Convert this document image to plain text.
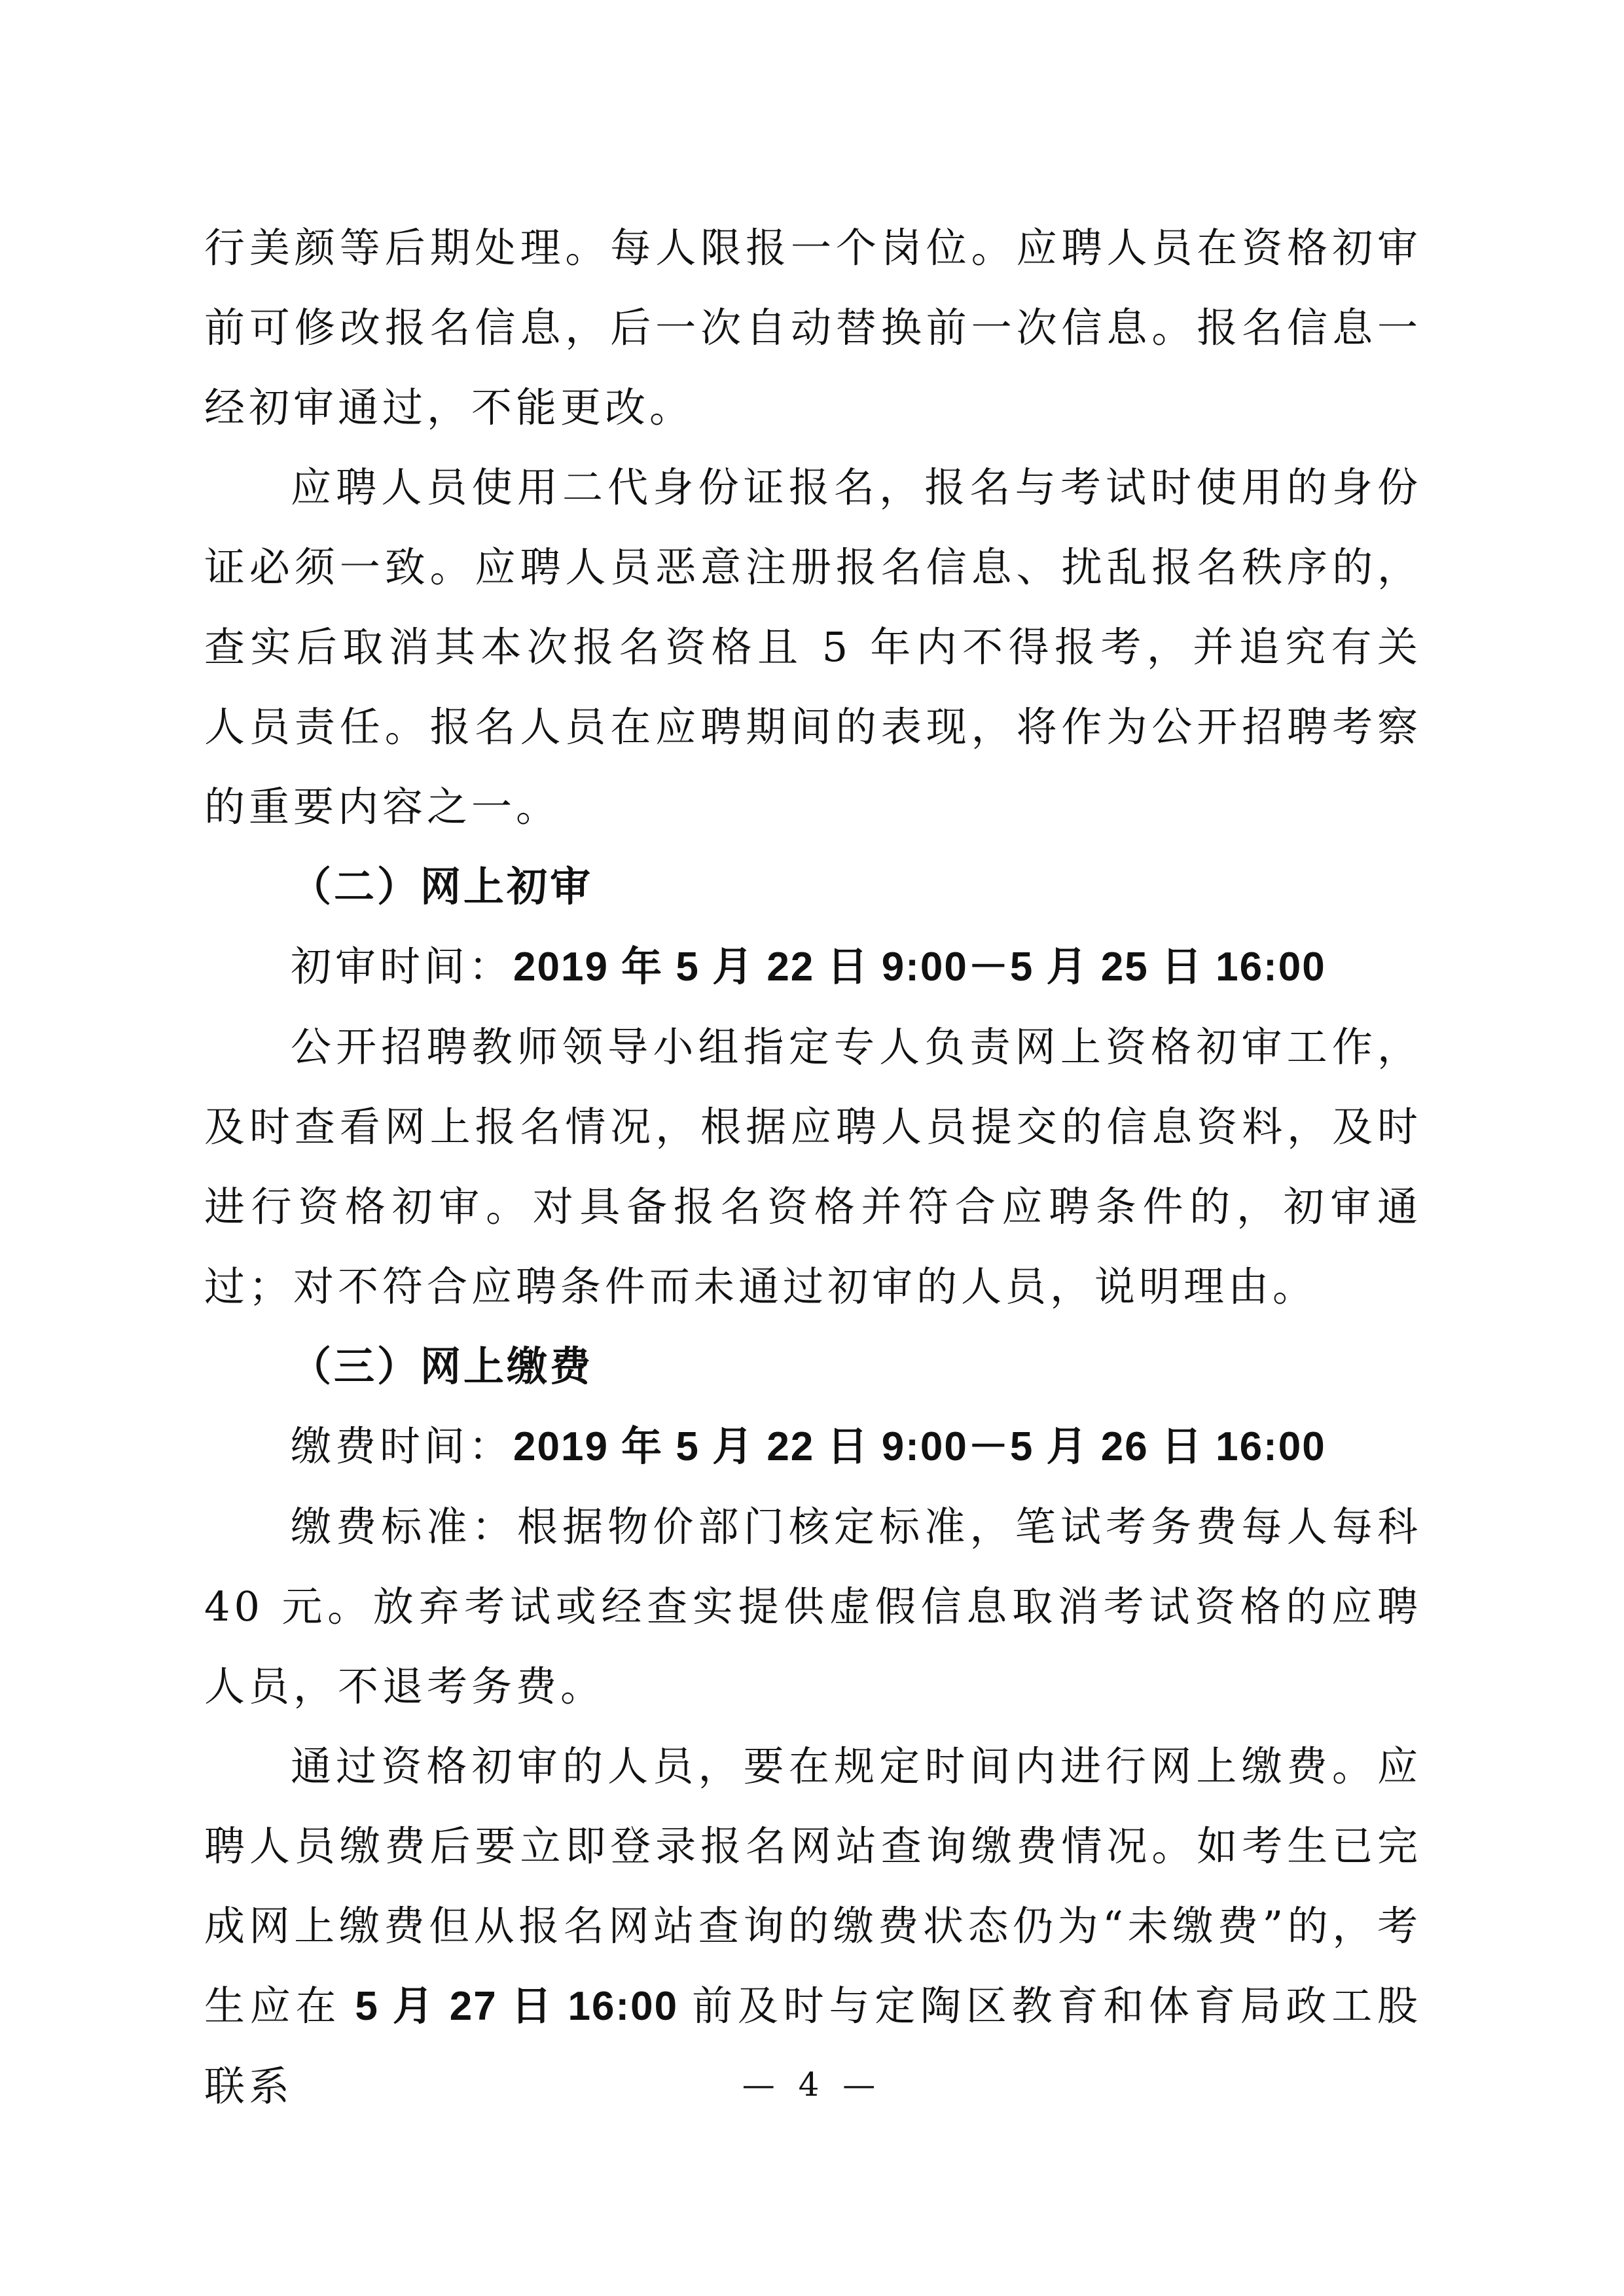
行美颜等后期处理。每人限报一个岗位。应聘人员在资格初审前可修改报名信息，后一次自动替换前一次信息。报名信息一经初审通过，不能更改。

应聘人员使用二代身份证报名，报名与考试时使用的身份证必须一致。应聘人员恶意注册报名信息、扰乱报名秩序的，查实后取消其本次报名资格且 5 年内不得报考，并追究有关人员责任。报名人员在应聘期间的表现，将作为公开招聘考察的重要内容之一。

（二）网上初审

初审时间：2019 年 5 月 22 日 9:00－5 月 25 日 16:00

公开招聘教师领导小组指定专人负责网上资格初审工作，及时查看网上报名情况，根据应聘人员提交的信息资料，及时进行资格初审。对具备报名资格并符合应聘条件的，初审通过；对不符合应聘条件而未通过初审的人员，说明理由。

（三）网上缴费

缴费时间：2019 年 5 月 22 日 9:00－5 月 26 日 16:00

缴费标准：根据物价部门核定标准，笔试考务费每人每科 40 元。放弃考试或经查实提供虚假信息取消考试资格的应聘人员，不退考务费。

通过资格初审的人员，要在规定时间内进行网上缴费。应聘人员缴费后要立即登录报名网站查询缴费情况。如考生已完成网上缴费但从报名网站查询的缴费状态仍为“未缴费”的，考生应在 5 月 27 日 16:00 前及时与定陶区教育和体育局政工股联系	— 4 —
